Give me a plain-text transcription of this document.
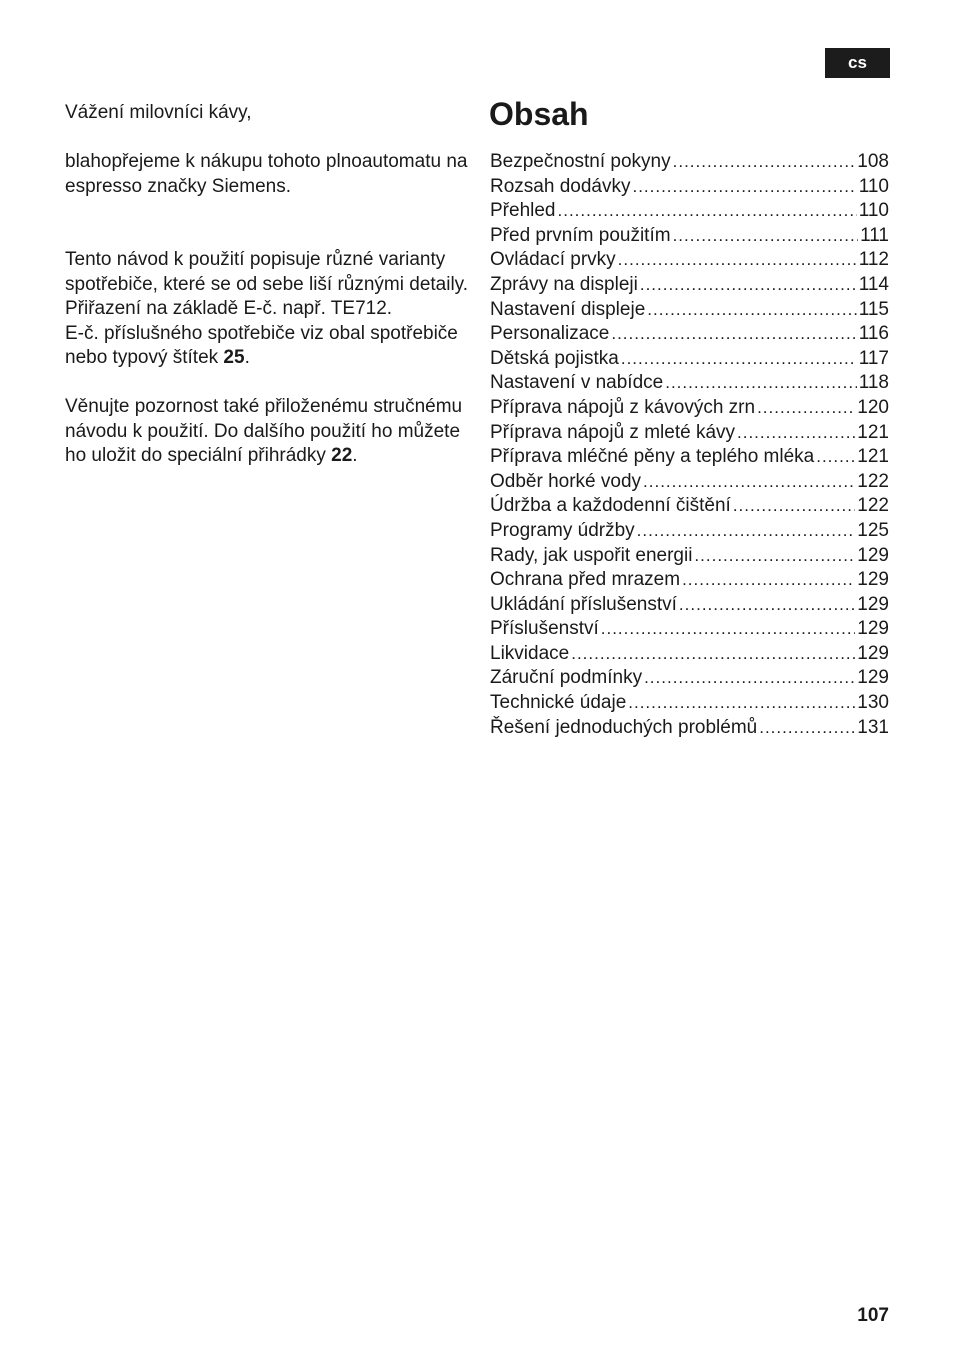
cs

Vážení milovníci kávy,

blahopřejeme k nákupu tohoto plnoautomatu na espresso značky Siemens.

Tento návod k použití popisuje různé varianty spotřebiče, které se od sebe liší různými detaily.

Přiřazení na základě E-č. např. TE712.

E-č. příslušného spotřebiče viz obal spotřebiče nebo typový štítek 25.

Věnujte pozornost také přiloženému stručnému návodu k použití. Do dalšího použití ho můžete ho uložit do speciální přihrádky 22.

Obsah
Bezpečnostní pokyny .....	108
Rozsah dodávky .....	110
Přehled .....	110
Před prvním použitím .....	111
Ovládací prvky .....	112
Zprávy na displeji .....	114
Nastavení displeje .....	115
Personalizace .....	116
Dětská pojistka .....	117
Nastavení v nabídce .....	118
Příprava nápojů z kávových zrn .....	120
Příprava nápojů z mleté kávy .....	121
Příprava mléčné pěny a teplého mléka ..... 121
Odběr horké vody .....	122
Údržba a každodenní čištění .....	122
Programy údržby .....	125
Rady, jak uspořit energii .....	129
Ochrana před mrazem .....	129
Ukládání příslušenství .....	129
Příslušenství .....	129
Likvidace .....	129
Záruční podmínky .....	129
Technické údaje .....	130
Řešení jednoduchých problémů .....	131
107
